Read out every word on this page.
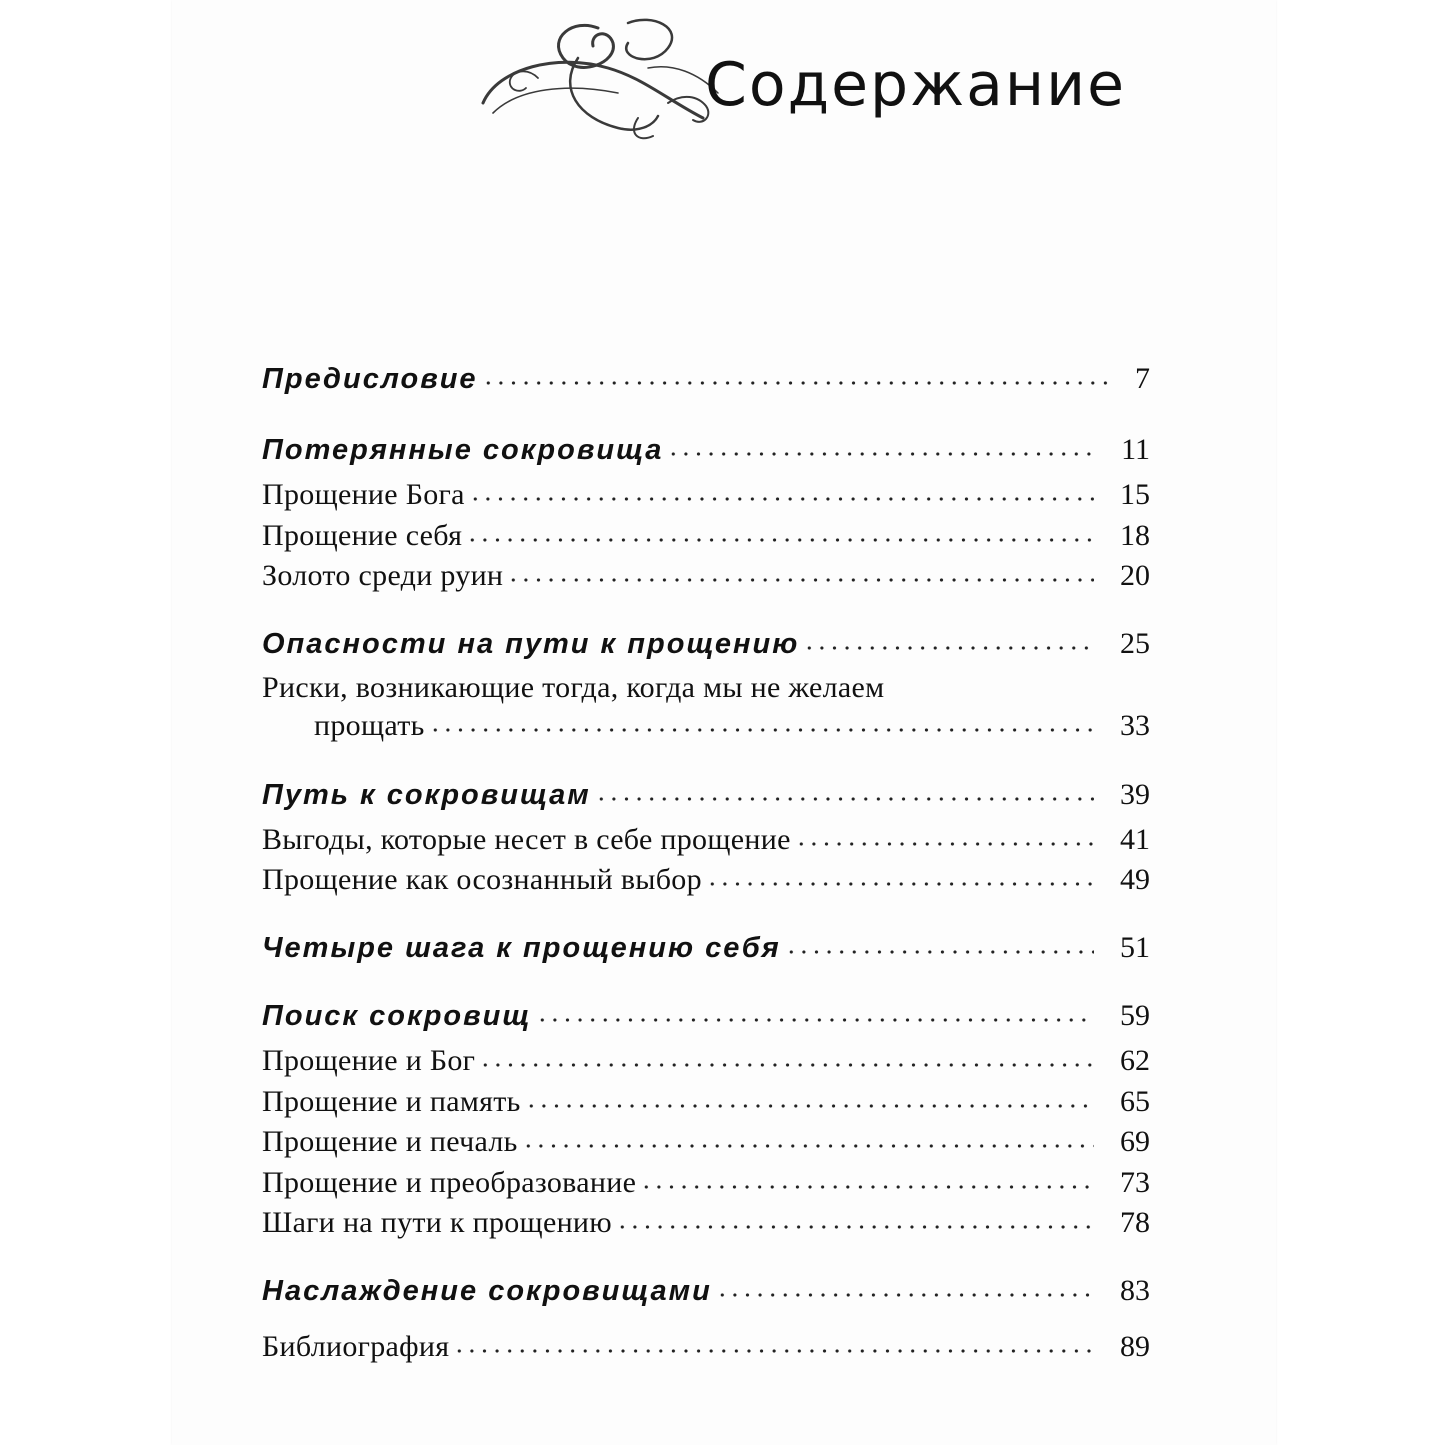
Содержание
Предисловие	7
Потерянные сокровища	11
Прощение Бога	15
Прощение себя	18
Золото среди руин	20
Опасности на пути к прощению	25
Риски, возникающие тогда, когда мы не желаем
прощать	33
Путь к сокровищам	39
Выгоды, которые несет в себе прощение	41
Прощение как осознанный выбор	49
Четыре шага к прощению себя	51
Поиск сокровищ	59
Прощение и Бог	62
Прощение и память	65
Прощение и печаль	69
Прощение и преобразование	73
Шаги на пути к прощению	78
Наслаждение сокровищами	83
Библиография	89
